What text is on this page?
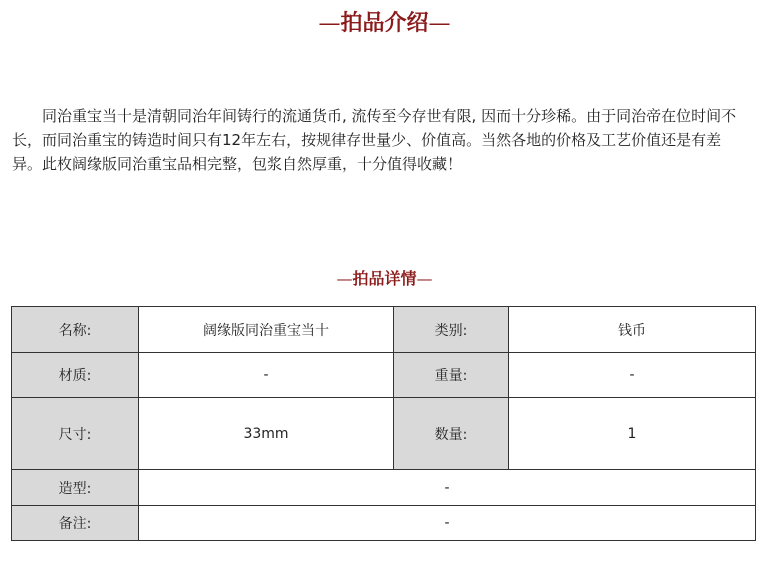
—拍品介绍—

同治重宝当十是清朝同治年间铸行的流通货币, 流传至今存世有限, 因而十分珍稀。由于同治帝在位时间不长，而同治重宝的铸造时间只有12年左右，按规律存世量少、价值高。当然各地的价格及工艺价值还是有差异。此枚阔缘版同治重宝品相完整，包浆自然厚重，十分值得收藏！

—拍品详情—
名称:	阔缘版同治重宝当十	类别:	钱币
材质:	-	重量:	-
尺寸:	33mm	数量:	1
造型:	-		
备注:	-		
